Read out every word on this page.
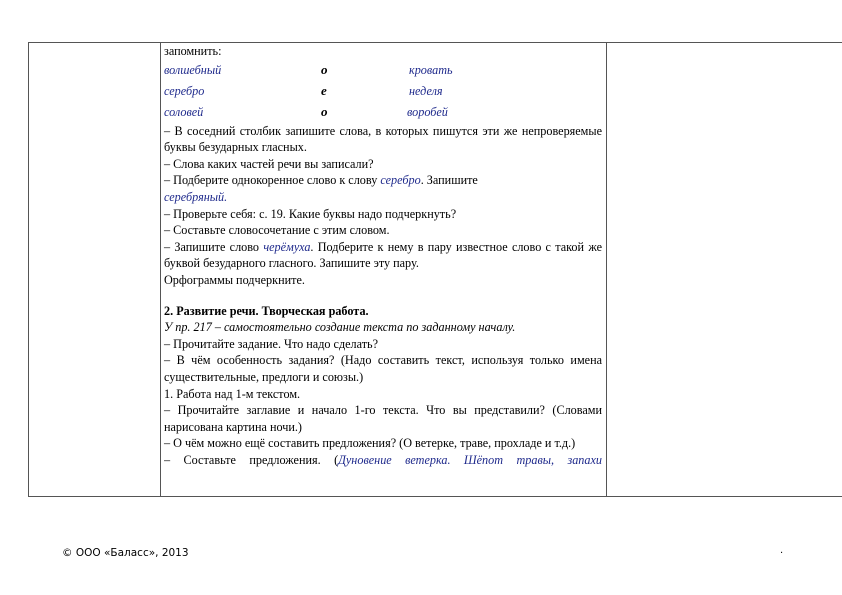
запомнить:

волшебный	о	кровать
серебро	е	неделя
соловей	о	воробей

– В соседний столбик запишите слова, в которых пишутся эти же непроверяемые буквы безударных гласных.

– Слова каких частей речи вы записали?

– Подберите однокоренное слово к слову серебро. Запишите

серебряный.

– Проверьте себя: с. 19. Какие буквы надо подчеркнуть?

– Составьте словосочетание с этим словом.

– Запишите слово черёмуха. Подберите к нему в пару известное слово с такой же буквой безударного гласного. Запишите эту пару.

Орфограммы подчеркните.

2. Развитие речи. Творческая работа.

У пр. 217 – самостоятельно создание текста по заданному началу.

– Прочитайте задание. Что надо сделать?

– В чём особенность задания? (Надо составить текст, используя только имена существительные, предлоги и союзы.)

1. Работа над 1-м текстом.

– Прочитайте заглавие и начало 1-го текста. Что вы представили? (Словами нарисована картина ночи.)

– О чём можно ещё составить предложения? (О ветерке, траве, прохладе и т.д.)

– Составьте предложения. (Дуновение ветерка. Шёпот травы, запахи

© ООО «Баласс», 2013	.
